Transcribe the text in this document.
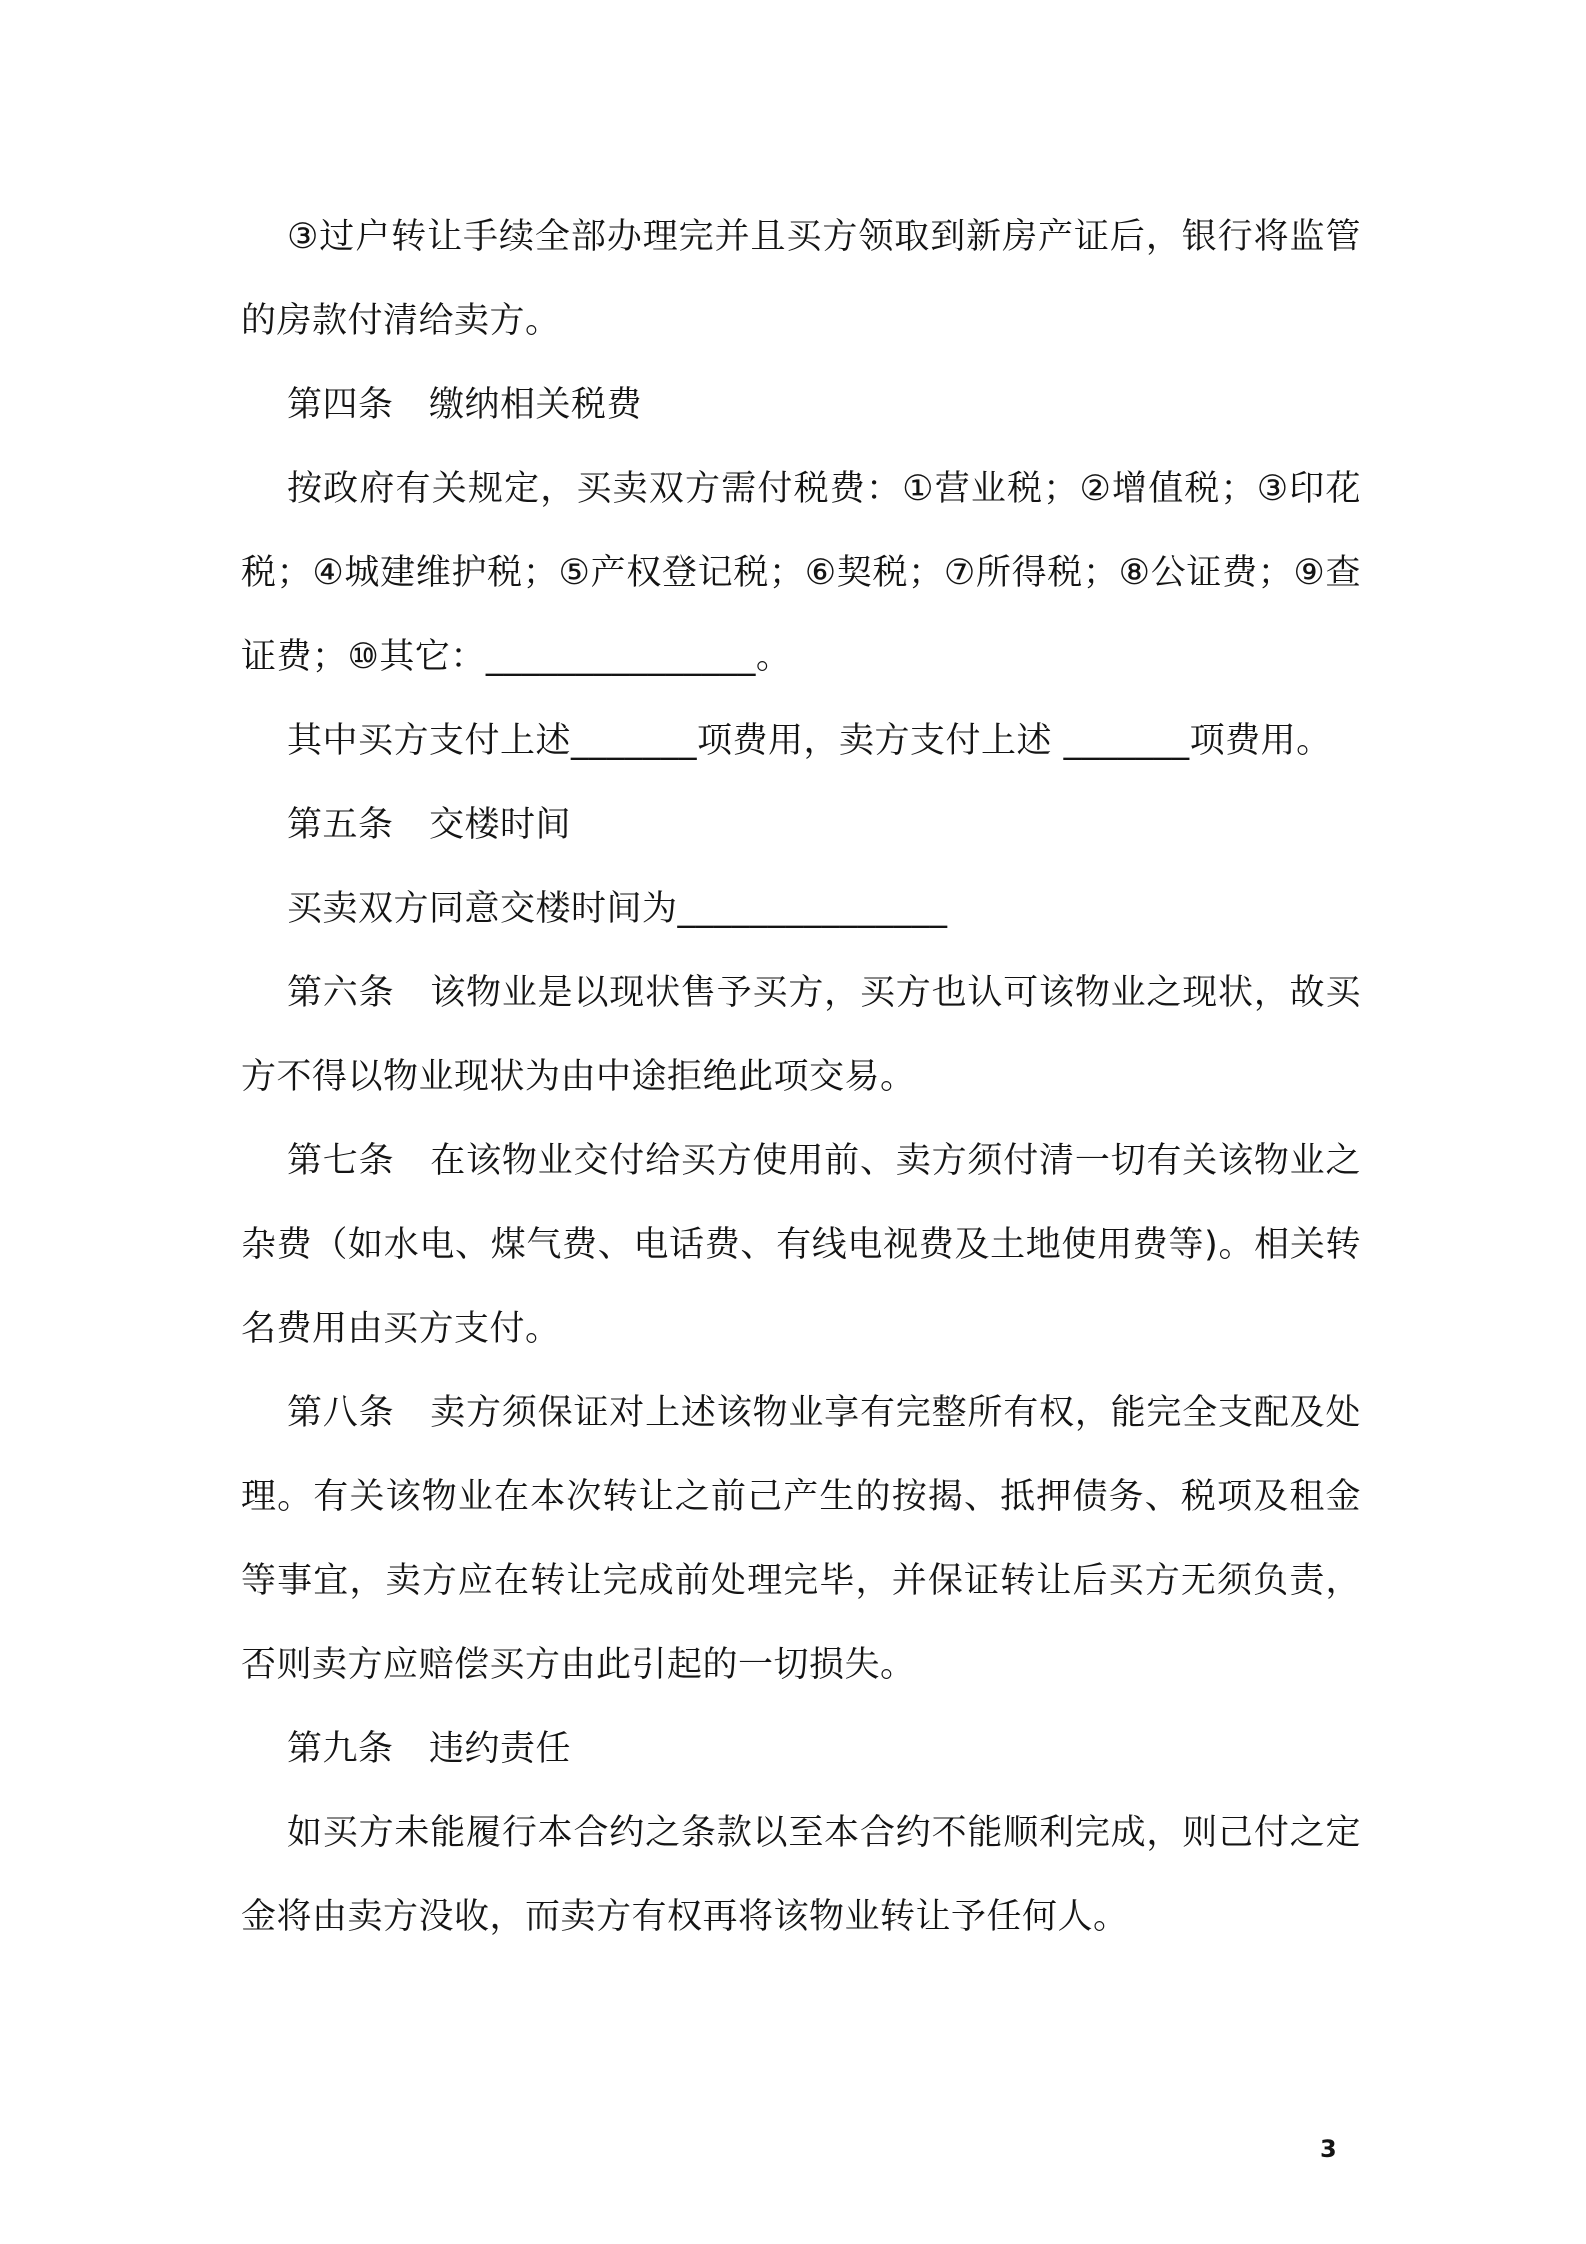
③过户转让手续全部办理完并且买方领取到新房产证后，银行将监管的房款付清给卖方。

第四条　缴纳相关税费

按政府有关规定，买卖双方需付税费：①营业税；②增值税；③印花税；④城建维护税；⑤产权登记税；⑥契税；⑦所得税；⑧公证费；⑨查证费；⑩其它：_______________。

其中买方支付上述_______项费用，卖方支付上述 _______项费用。

第五条　交楼时间

买卖双方同意交楼时间为_______________

第六条　该物业是以现状售予买方，买方也认可该物业之现状，故买方不得以物业现状为由中途拒绝此项交易。

第七条　在该物业交付给买方使用前、卖方须付清一切有关该物业之杂费（如水电、煤气费、电话费、有线电视费及土地使用费等)。相关转名费用由买方支付。

第八条　卖方须保证对上述该物业享有完整所有权，能完全支配及处理。有关该物业在本次转让之前己产生的按揭、抵押债务、税项及租金等事宜，卖方应在转让完成前处理完毕，并保证转让后买方无须负责，否则卖方应赔偿买方由此引起的一切损失。

第九条　违约责任

如买方未能履行本合约之条款以至本合约不能顺利完成，则己付之定金将由卖方没收，而卖方有权再将该物业转让予任何人。

3
